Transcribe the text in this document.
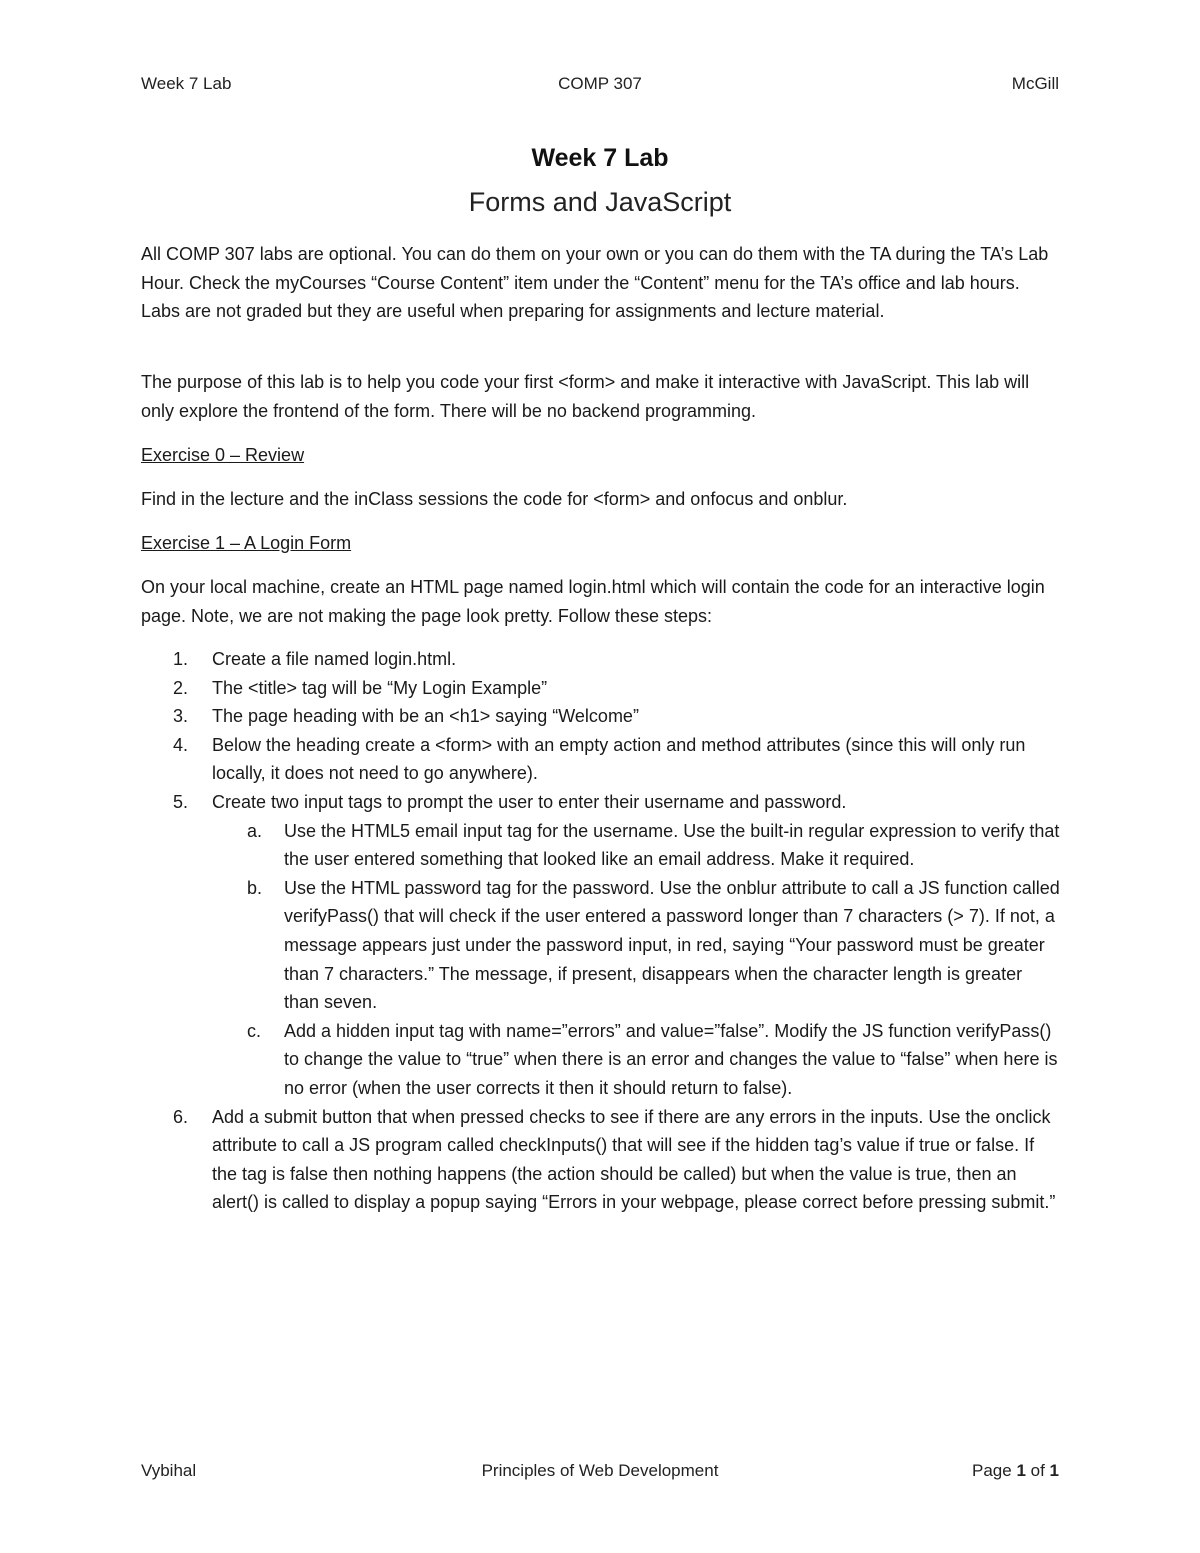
Week 7 Lab	COMP 307	McGill
Week 7 Lab
Forms and JavaScript
All COMP 307 labs are optional. You can do them on your own or you can do them with the TA during the TA’s Lab Hour. Check the myCourses “Course Content” item under the “Content” menu for the TA’s office and lab hours. Labs are not graded but they are useful when preparing for assignments and lecture material.
The purpose of this lab is to help you code your first <form> and make it interactive with JavaScript. This lab will only explore the frontend of the form. There will be no backend programming.
Exercise 0 – Review
Find in the lecture and the inClass sessions the code for <form> and onfocus and onblur.
Exercise 1 – A Login Form
On your local machine, create an HTML page named login.html which will contain the code for an interactive login page. Note, we are not making the page look pretty. Follow these steps:
1. Create a file named login.html.
2. The <title> tag will be “My Login Example”
3. The page heading with be an <h1> saying “Welcome”
4. Below the heading create a <form> with an empty action and method attributes (since this will only run locally, it does not need to go anywhere).
5. Create two input tags to prompt the user to enter their username and password.
a. Use the HTML5 email input tag for the username. Use the built-in regular expression to verify that the user entered something that looked like an email address. Make it required.
b. Use the HTML password tag for the password. Use the onblur attribute to call a JS function called verifyPass() that will check if the user entered a password longer than 7 characters (> 7). If not, a message appears just under the password input, in red, saying “Your password must be greater than 7 characters.” The message, if present, disappears when the character length is greater than seven.
c. Add a hidden input tag with name=”errors” and value=”false”. Modify the JS function verifyPass() to change the value to “true” when there is an error and changes the value to “false” when here is no error (when the user corrects it then it should return to false).
6. Add a submit button that when pressed checks to see if there are any errors in the inputs. Use the onclick attribute to call a JS program called checkInputs() that will see if the hidden tag’s value if true or false. If the tag is false then nothing happens (the action should be called) but when the value is true, then an alert() is called to display a popup saying “Errors in your webpage, please correct before pressing submit.”
Vybihal	Principles of Web Development	Page 1 of 1
